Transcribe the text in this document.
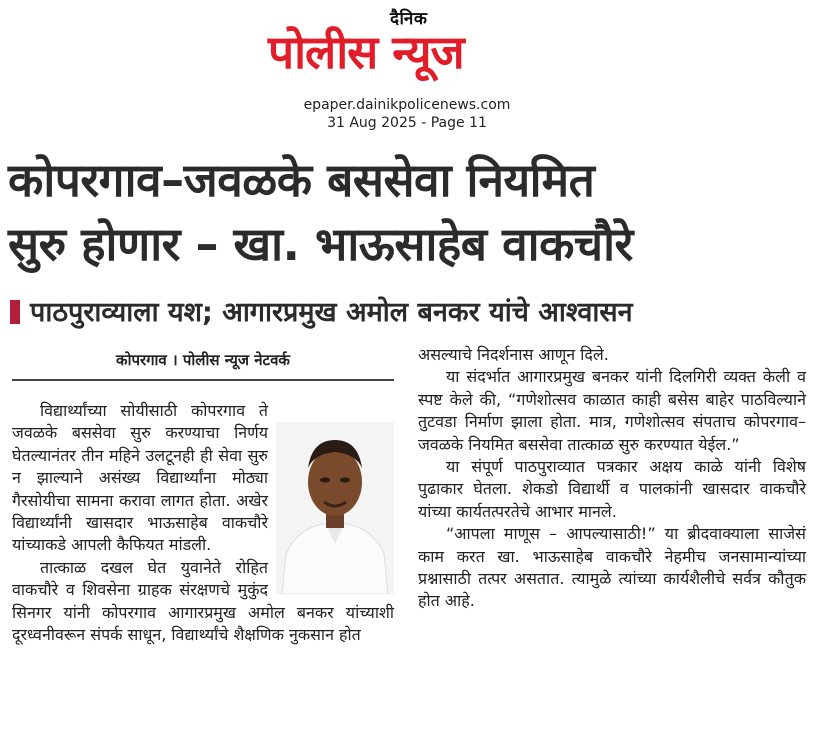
दैनिक
पोलीस न्यूज
epaper.dainikpolicenews.com
31 Aug 2025 - Page 11
कोपरगाव–जवळके बससेवा नियमित
सुरु होणार – खा. भाऊसाहेब वाकचौरे
पाठपुराव्याला यश; आगारप्रमुख अमोल बनकर यांचे आश्वासन
कोपरगाव । पोलीस न्यूज नेटवर्क

विद्यार्थ्यांच्या सोयीसाठी कोपरगाव ते जवळके बससेवा सुरु करण्याचा निर्णय घेतल्यानंतर तीन महिने उलटूनही ही सेवा सुरु न झाल्याने असंख्य विद्यार्थ्यांना मोठ्या गैरसोयीचा सामना करावा लागत होता. अखेर विद्यार्थ्यांनी खासदार भाऊसाहेब वाकचौरे यांच्याकडे आपली कैफियत मांडली.

तात्काळ दखल घेत युवानेते रोहित वाकचौरे व शिवसेना ग्राहक संरक्षणचे मुकुंद सिनगर यांनी कोपरगाव आगारप्रमुख अमोल बनकर यांच्याशी दूरध्वनीवरून संपर्क साधून, विद्यार्थ्यांचे शैक्षणिक नुकसान होत

असल्याचे निदर्शनास आणून दिले.

या संदर्भात आगारप्रमुख बनकर यांनी दिलगिरी व्यक्त केली व स्पष्ट केले की, “गणेशोत्सव काळात काही बसेस बाहेर पाठविल्याने तुटवडा निर्माण झाला होता. मात्र, गणेशोत्सव संपताच कोपरगाव–जवळके नियमित बससेवा तात्काळ सुरु करण्यात येईल.”

या संपूर्ण पाठपुराव्यात पत्रकार अक्षय काळे यांनी विशेष पुढाकार घेतला. शेकडो विद्यार्थी व पालकांनी खासदार वाकचौरे यांच्या कार्यतत्परतेचे आभार मानले.

“आपला माणूस – आपल्यासाठी!” या ब्रीदवाक्याला साजेसं काम करत खा. भाऊसाहेब वाकचौरे नेहमीच जनसामान्यांच्या प्रश्नासाठी तत्पर असतात. त्यामुळे त्यांच्या कार्यशैलीचे सर्वत्र कौतुक होत आहे.
